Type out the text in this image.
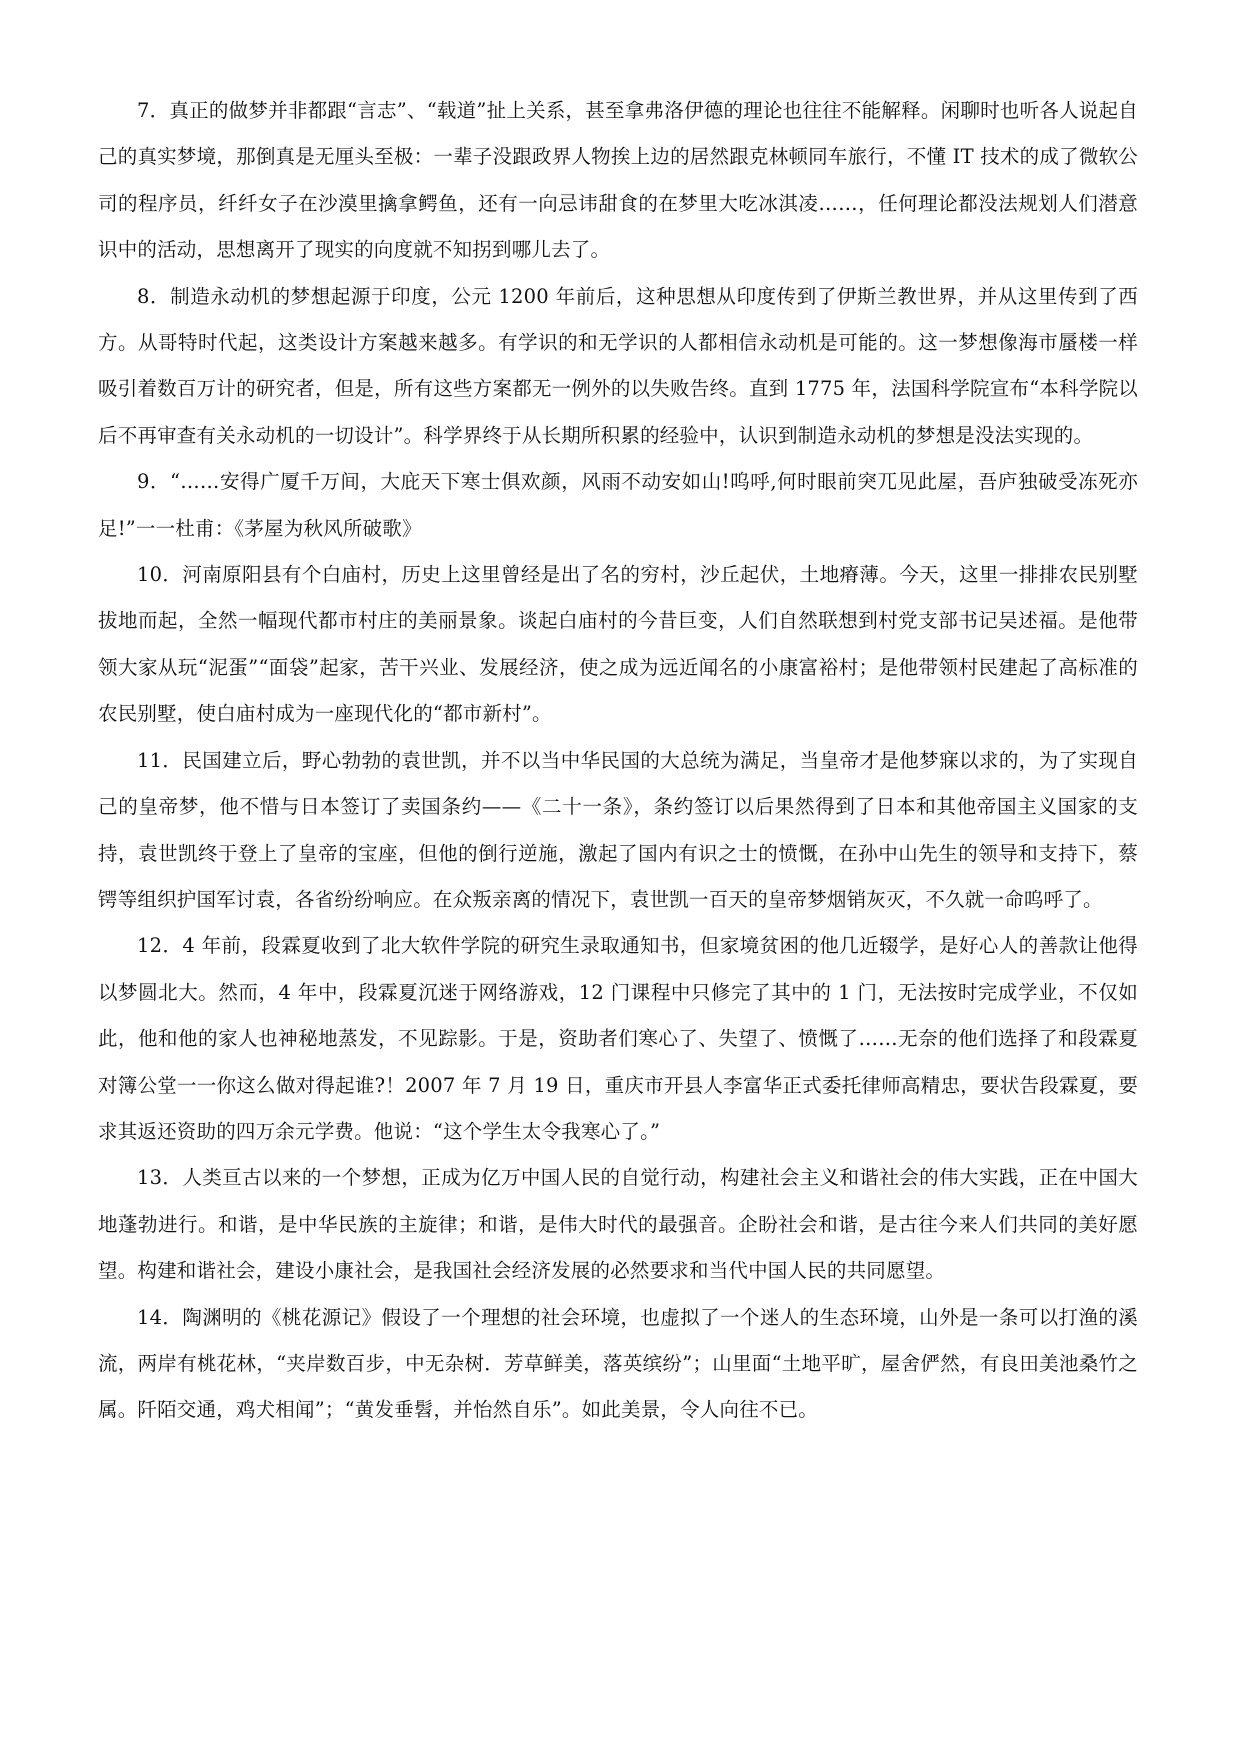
7．真正的做梦并非都跟“言志”、“载道”扯上关系，甚至拿弗洛伊德的理论也往往不能解释。闲聊时也听各人说起自己的真实梦境，那倒真是无厘头至极：一辈子没跟政界人物挨上边的居然跟克林顿同车旅行，不懂 IT 技术的成了微软公司的程序员，纤纤女子在沙漠里擒拿鳄鱼，还有一向忌讳甜食的在梦里大吃冰淇凌……，任何理论都没法规划人们潜意识中的活动，思想离开了现实的向度就不知拐到哪儿去了。

8．制造永动机的梦想起源于印度，公元 1200 年前后，这种思想从印度传到了伊斯兰教世界，并从这里传到了西方。从哥特时代起，这类设计方案越来越多。有学识的和无学识的人都相信永动机是可能的。这一梦想像海市蜃楼一样吸引着数百万计的研究者，但是，所有这些方案都无一例外的以失败告终。直到 1775 年，法国科学院宣布“本科学院以后不再审查有关永动机的一切设计”。科学界终于从长期所积累的经验中，认识到制造永动机的梦想是没法实现的。

9．“……安得广厦千万间，大庇天下寒士俱欢颜，风雨不动安如山!呜呼,何时眼前突兀见此屋，吾庐独破受冻死亦足!”一一杜甫：《茅屋为秋风所破歌》

10．河南原阳县有个白庙村，历史上这里曾经是出了名的穷村，沙丘起伏，土地瘠薄。今天，这里一排排农民别墅拔地而起，全然一幅现代都市村庄的美丽景象。谈起白庙村的今昔巨变，人们自然联想到村党支部书记吴述福。是他带领大家从玩“泥蛋”“面袋”起家，苦干兴业、发展经济，使之成为远近闻名的小康富裕村；是他带领村民建起了高标准的农民别墅，使白庙村成为一座现代化的“都市新村”。

11．民国建立后，野心勃勃的袁世凯，并不以当中华民国的大总统为满足，当皇帝才是他梦寐以求的，为了实现自己的皇帝梦，他不惜与日本签订了卖国条约——《二十一条》，条约签订以后果然得到了日本和其他帝国主义国家的支持，袁世凯终于登上了皇帝的宝座，但他的倒行逆施，激起了国内有识之士的愤慨，在孙中山先生的领导和支持下，蔡锷等组织护国军讨袁，各省纷纷响应。在众叛亲离的情况下，袁世凯一百天的皇帝梦烟销灰灭，不久就一命呜呼了。

12．4 年前，段霖夏收到了北大软件学院的研究生录取通知书，但家境贫困的他几近辍学，是好心人的善款让他得以梦圆北大。然而，4 年中，段霖夏沉迷于网络游戏，12 门课程中只修完了其中的 1 门，无法按时完成学业，不仅如此，他和他的家人也神秘地蒸发，不见踪影。于是，资助者们寒心了、失望了、愤慨了……无奈的他们选择了和段霖夏对簿公堂一一你这么做对得起谁?！2007 年 7 月 19 日，重庆市开县人李富华正式委托律师高精忠，要状告段霖夏，要求其返还资助的四万余元学费。他说：“这个学生太令我寒心了。”

13．人类亘古以来的一个梦想，正成为亿万中国人民的自觉行动，构建社会主义和谐社会的伟大实践，正在中国大地蓬勃进行。和谐，是中华民族的主旋律；和谐，是伟大时代的最强音。企盼社会和谐，是古往今来人们共同的美好愿望。构建和谐社会，建设小康社会，是我国社会经济发展的必然要求和当代中国人民的共同愿望。

14．陶渊明的《桃花源记》假设了一个理想的社会环境，也虚拟了一个迷人的生态环境，山外是一条可以打渔的溪流，两岸有桃花林，“夹岸数百步，中无杂树．芳草鲜美，落英缤纷”；山里面“土地平旷，屋舍俨然，有良田美池桑竹之属。阡陌交通，鸡犬相闻”；“黄发垂髫，并怡然自乐”。如此美景，令人向往不已。
